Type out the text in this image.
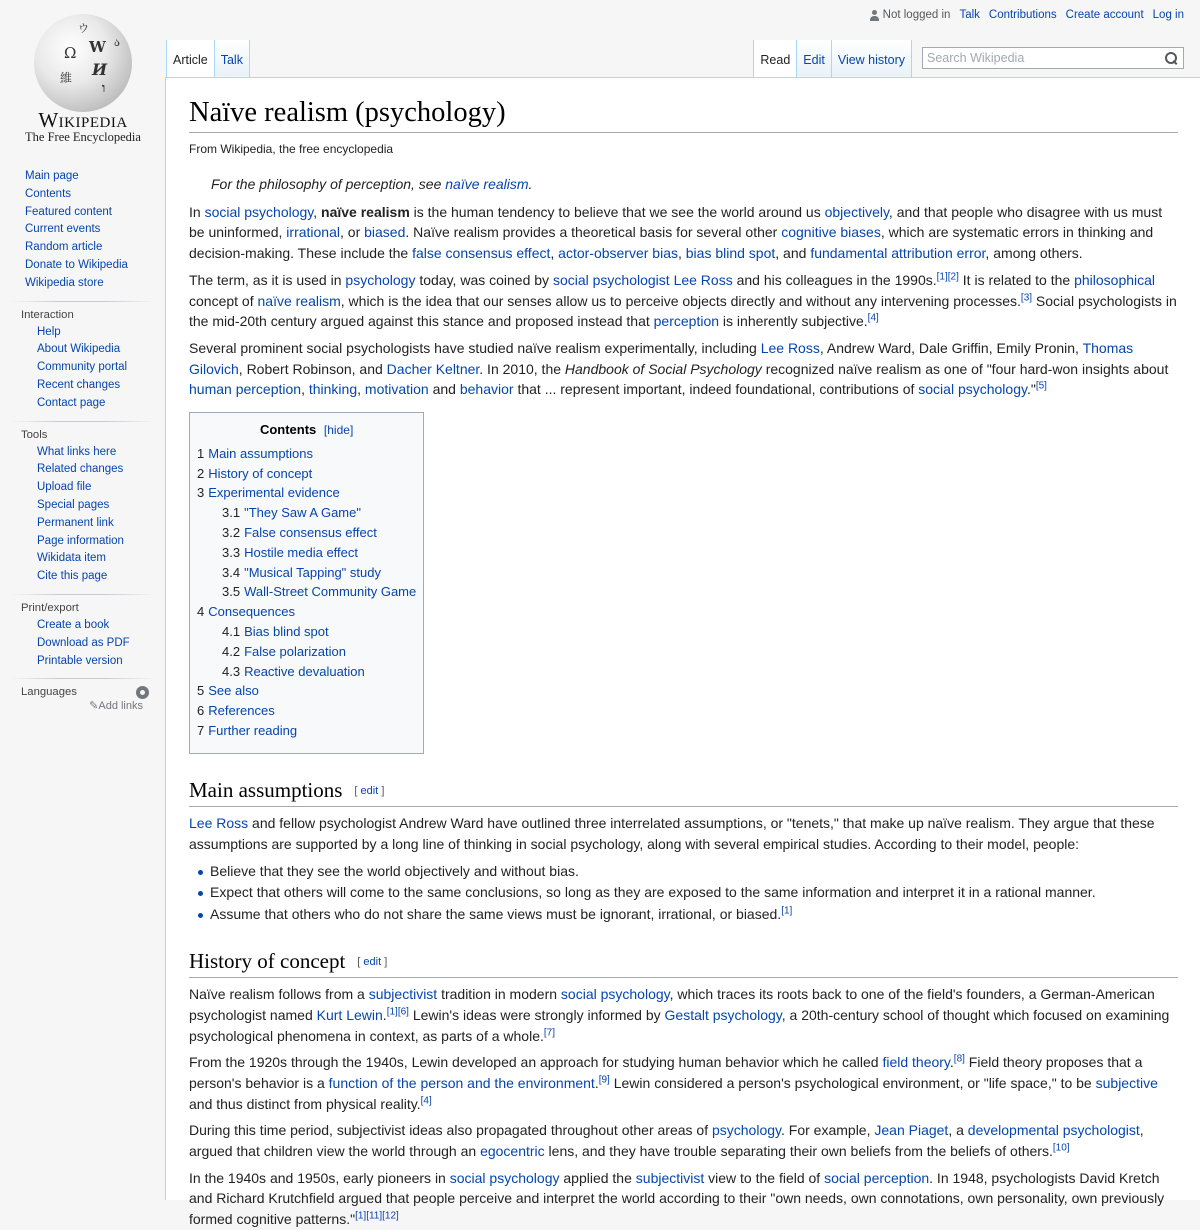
Not logged in Talk Contributions Create account Log in
Ω W
И
維
ウ
ו
ა
Wikipedia
The Free Encyclopedia
Main page
Contents
Featured content
Current events
Random article
Donate to Wikipedia
Wikipedia store
Interaction
Help
About Wikipedia
Community portal
Recent changes
Contact page
Tools
What links here
Related changes
Upload file
Special pages
Permanent link
Page information
Wikidata item
Cite this page
Print/export
Create a book
Download as PDF
Printable version
Languages
✎Add links
Article	Talk	Read	Edit	View history
Search Wikipedia
Naïve realism (psychology)
From Wikipedia, the free encyclopedia
For the philosophy of perception, see naïve realism.

In social psychology, naïve realism is the human tendency to believe that we see the world around us objectively, and that people who disagree with us must be uninformed, irrational, or biased. Naïve realism provides a theoretical basis for several other cognitive biases, which are systematic errors in thinking and decision-making. These include the false consensus effect, actor-observer bias, bias blind spot, and fundamental attribution error, among others.

The term, as it is used in psychology today, was coined by social psychologist Lee Ross and his colleagues in the 1990s.[1][2] It is related to the philosophical concept of naïve realism, which is the idea that our senses allow us to perceive objects directly and without any intervening processes.[3] Social psychologists in the mid-20th century argued against this stance and proposed instead that perception is inherently subjective.[4]

Several prominent social psychologists have studied naïve realism experimentally, including Lee Ross, Andrew Ward, Dale Griffin, Emily Pronin, Thomas Gilovich, Robert Robinson, and Dacher Keltner. In 2010, the Handbook of Social Psychology recognized naïve realism as one of "four hard-won insights about human perception, thinking, motivation and behavior that ... represent important, indeed foundational, contributions of social psychology."[5]

Contents [hide]
1 Main assumptions
2 History of concept
3 Experimental evidence
3.1 "They Saw A Game"
3.2 False consensus effect
3.3 Hostile media effect
3.4 "Musical Tapping" study
3.5 Wall-Street Community Game
4 Consequences
4.1 Bias blind spot
4.2 False polarization
4.3 Reactive devaluation
5 See also
6 References
7 Further reading
Main assumptions [ edit ]

Lee Ross and fellow psychologist Andrew Ward have outlined three interrelated assumptions, or "tenets," that make up naïve realism. They argue that these assumptions are supported by a long line of thinking in social psychology, along with several empirical studies. According to their model, people:

Believe that they see the world objectively and without bias.
Expect that others will come to the same conclusions, so long as they are exposed to the same information and interpret it in a rational manner.
Assume that others who do not share the same views must be ignorant, irrational, or biased.[1]
History of concept [ edit ]

Naïve realism follows from a subjectivist tradition in modern social psychology, which traces its roots back to one of the field's founders, a German-American psychologist named Kurt Lewin.[1][6] Lewin's ideas were strongly informed by Gestalt psychology, a 20th-century school of thought which focused on examining psychological phenomena in context, as parts of a whole.[7]

From the 1920s through the 1940s, Lewin developed an approach for studying human behavior which he called field theory.[8] Field theory proposes that a person's behavior is a function of the person and the environment.[9] Lewin considered a person's psychological environment, or "life space," to be subjective and thus distinct from physical reality.[4]

During this time period, subjectivist ideas also propagated throughout other areas of psychology. For example, Jean Piaget, a developmental psychologist, argued that children view the world through an egocentric lens, and they have trouble separating their own beliefs from the beliefs of others.[10]

In the 1940s and 1950s, early pioneers in social psychology applied the subjectivist view to the field of social perception. In 1948, psychologists David Kretch and Richard Krutchfield argued that people perceive and interpret the world according to their "own needs, own connotations, own personality, own previously formed cognitive patterns."[1][11][12]
